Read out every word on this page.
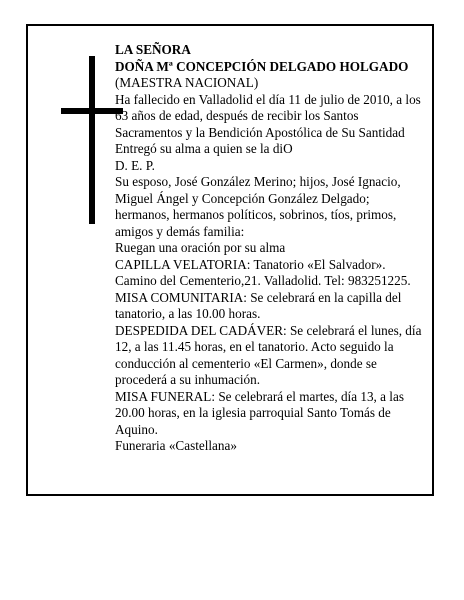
LA SEÑORA
DOÑA Mª CONCEPCIÓN DELGADO HOLGADO
(MAESTRA NACIONAL)
Ha fallecido en Valladolid el día 11 de julio de 2010, a los 63 años de edad, después de recibir los Santos Sacramentos y la Bendición Apostólica de Su Santidad
Entregó su alma a quien se la diO
D. E. P.
Su esposo, José González Merino; hijos, José Ignacio, Miguel Ángel y Concepción González Delgado; hermanos, hermanos políticos, sobrinos, tíos, primos, amigos y demás familia:
Ruegan una oración por su alma
CAPILLA VELATORIA: Tanatorio «El Salvador». Camino del Cementerio,21. Valladolid. Tel: 983251225.
MISA COMUNITARIA: Se celebrará en la capilla del tanatorio, a las 10.00 horas.
DESPEDIDA DEL CADÁVER: Se celebrará el lunes, día 12, a las 11.45 horas, en el tanatorio. Acto seguido la conducción al cementerio «El Carmen», donde se procederá a su inhumación.
MISA FUNERAL: Se celebrará el martes, día 13, a las 20.00 horas, en la iglesia parroquial Santo Tomás de Aquino.
Funeraria «Castellana»
